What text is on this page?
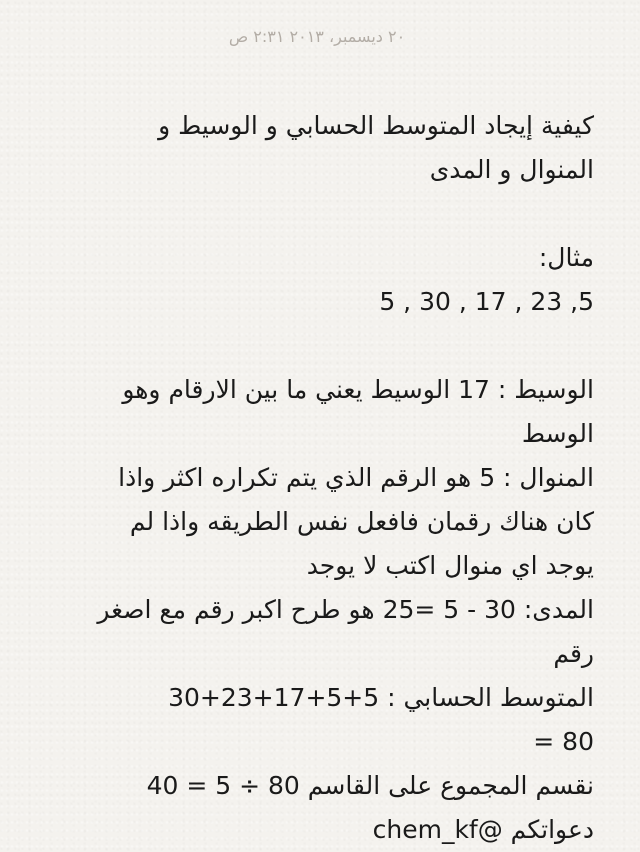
٢٠ ديسمبر، ٢٠١٣ ٢:٣١ ص
كيفية إيجاد المتوسط الحسابي و الوسيط و
المنوال و المدى
مثال:
5 , 30 , 17 , 23 ,5
الوسيط : 17 الوسيط يعني ما بين الارقام وهو
الوسط
المنوال : 5 هو الرقم الذي يتم تكراره اكثر واذا
كان هناك رقمان فافعل نفس الطريقه واذا لم
يوجد اي منوال اكتب لا يوجد
المدى: 30 - 5 =25 هو طرح اكبر رقم مع اصغر
رقم
المتوسط الحسابي : 5+5+17+23+30
= 80
نقسم المجموع على القاسم 80 ÷ 5 = 40
دعواتكم @chem_kf
